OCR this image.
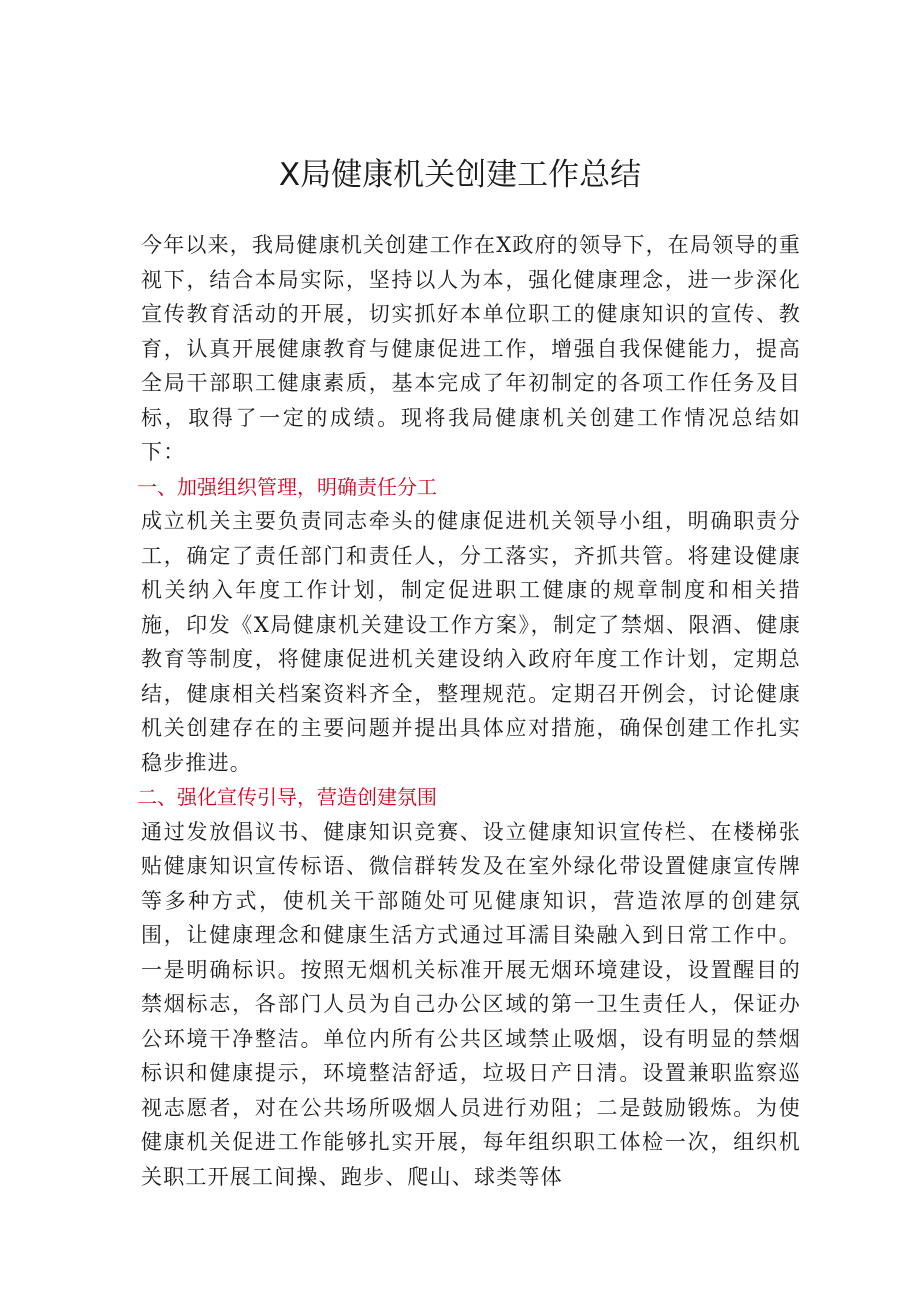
X局健康机关创建工作总结

今年以来，我局健康机关创建工作在X政府的领导下，在局领导的重视下，结合本局实际，坚持以人为本，强化健康理念，进一步深化宣传教育活动的开展，切实抓好本单位职工的健康知识的宣传、教育，认真开展健康教育与健康促进工作，增强自我保健能力，提高全局干部职工健康素质，基本完成了年初制定的各项工作任务及目标，取得了一定的成绩。现将我局健康机关创建工作情况总结如下：

一、加强组织管理，明确责任分工

成立机关主要负责同志牵头的健康促进机关领导小组，明确职责分工，确定了责任部门和责任人，分工落实，齐抓共管。将建设健康机关纳入年度工作计划，制定促进职工健康的规章制度和相关措施，印发《X局健康机关建设工作方案》，制定了禁烟、限酒、健康教育等制度，将健康促进机关建设纳入政府年度工作计划，定期总结，健康相关档案资料齐全，整理规范。定期召开例会，讨论健康机关创建存在的主要问题并提出具体应对措施，确保创建工作扎实稳步推进。

二、强化宣传引导，营造创建氛围

通过发放倡议书、健康知识竞赛、设立健康知识宣传栏、在楼梯张贴健康知识宣传标语、微信群转发及在室外绿化带设置健康宣传牌等多种方式，使机关干部随处可见健康知识，营造浓厚的创建氛围，让健康理念和健康生活方式通过耳濡目染融入到日常工作中。一是明确标识。按照无烟机关标准开展无烟环境建设，设置醒目的禁烟标志，各部门人员为自己办公区域的第一卫生责任人，保证办公环境干净整洁。单位内所有公共区域禁止吸烟，设有明显的禁烟标识和健康提示，环境整洁舒适，垃圾日产日清。设置兼职监察巡视志愿者，对在公共场所吸烟人员进行劝阻；二是鼓励锻炼。为使健康机关促进工作能够扎实开展，每年组织职工体检一次，组织机关职工开展工间操、跑步、爬山、球类等体
